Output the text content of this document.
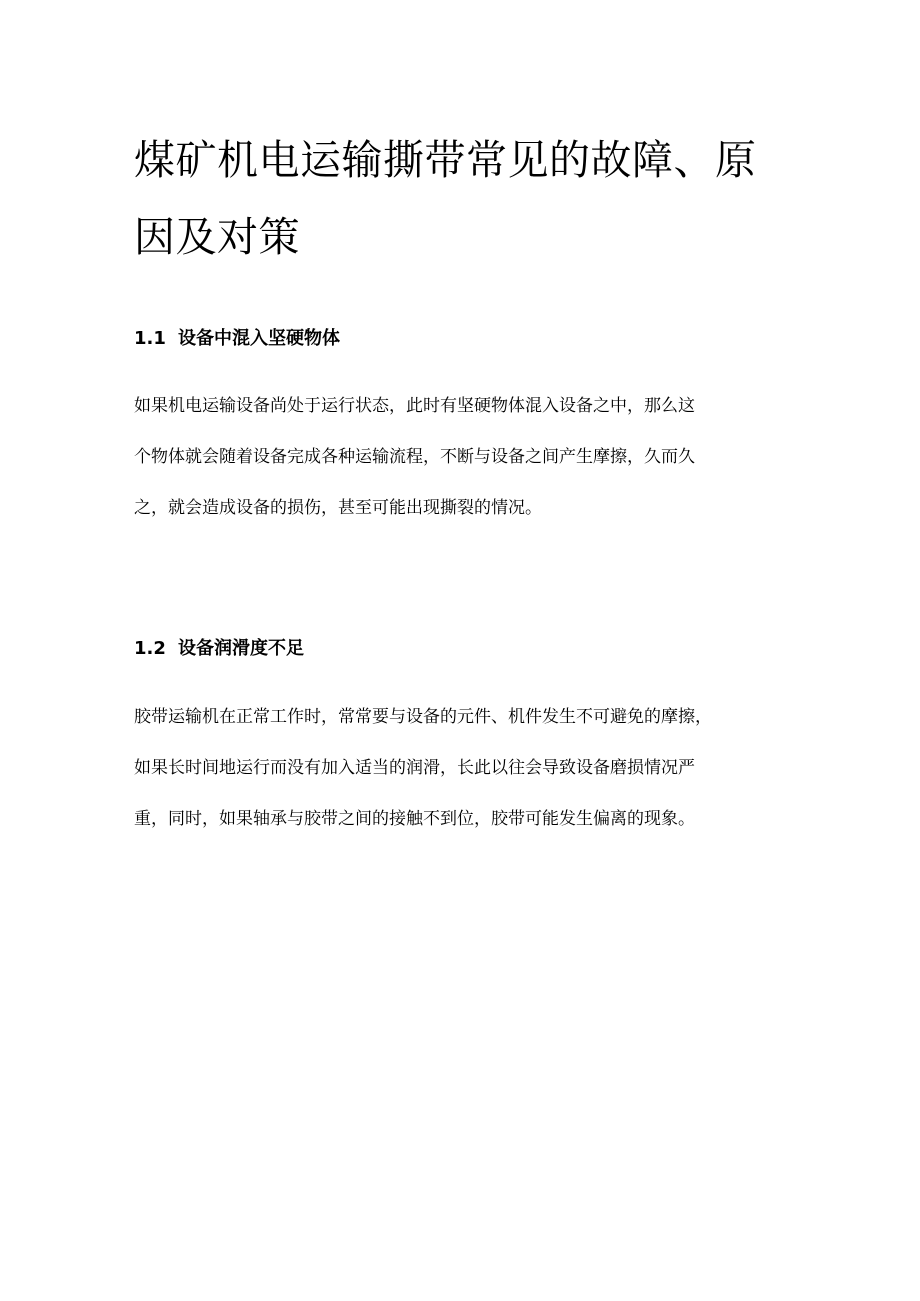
煤矿机电运输撕带常见的故障、原
因及对策
1.1 设备中混入坚硬物体

如果机电运输设备尚处于运行状态，此时有坚硬物体混入设备之中，那么这
个物体就会随着设备完成各种运输流程，不断与设备之间产生摩擦，久而久
之，就会造成设备的损伤，甚至可能出现撕裂的情况。

1.2 设备润滑度不足

胶带运输机在正常工作时，常常要与设备的元件、机件发生不可避免的摩擦，
如果长时间地运行而没有加入适当的润滑，长此以往会导致设备磨损情况严
重，同时，如果轴承与胶带之间的接触不到位，胶带可能发生偏离的现象。
